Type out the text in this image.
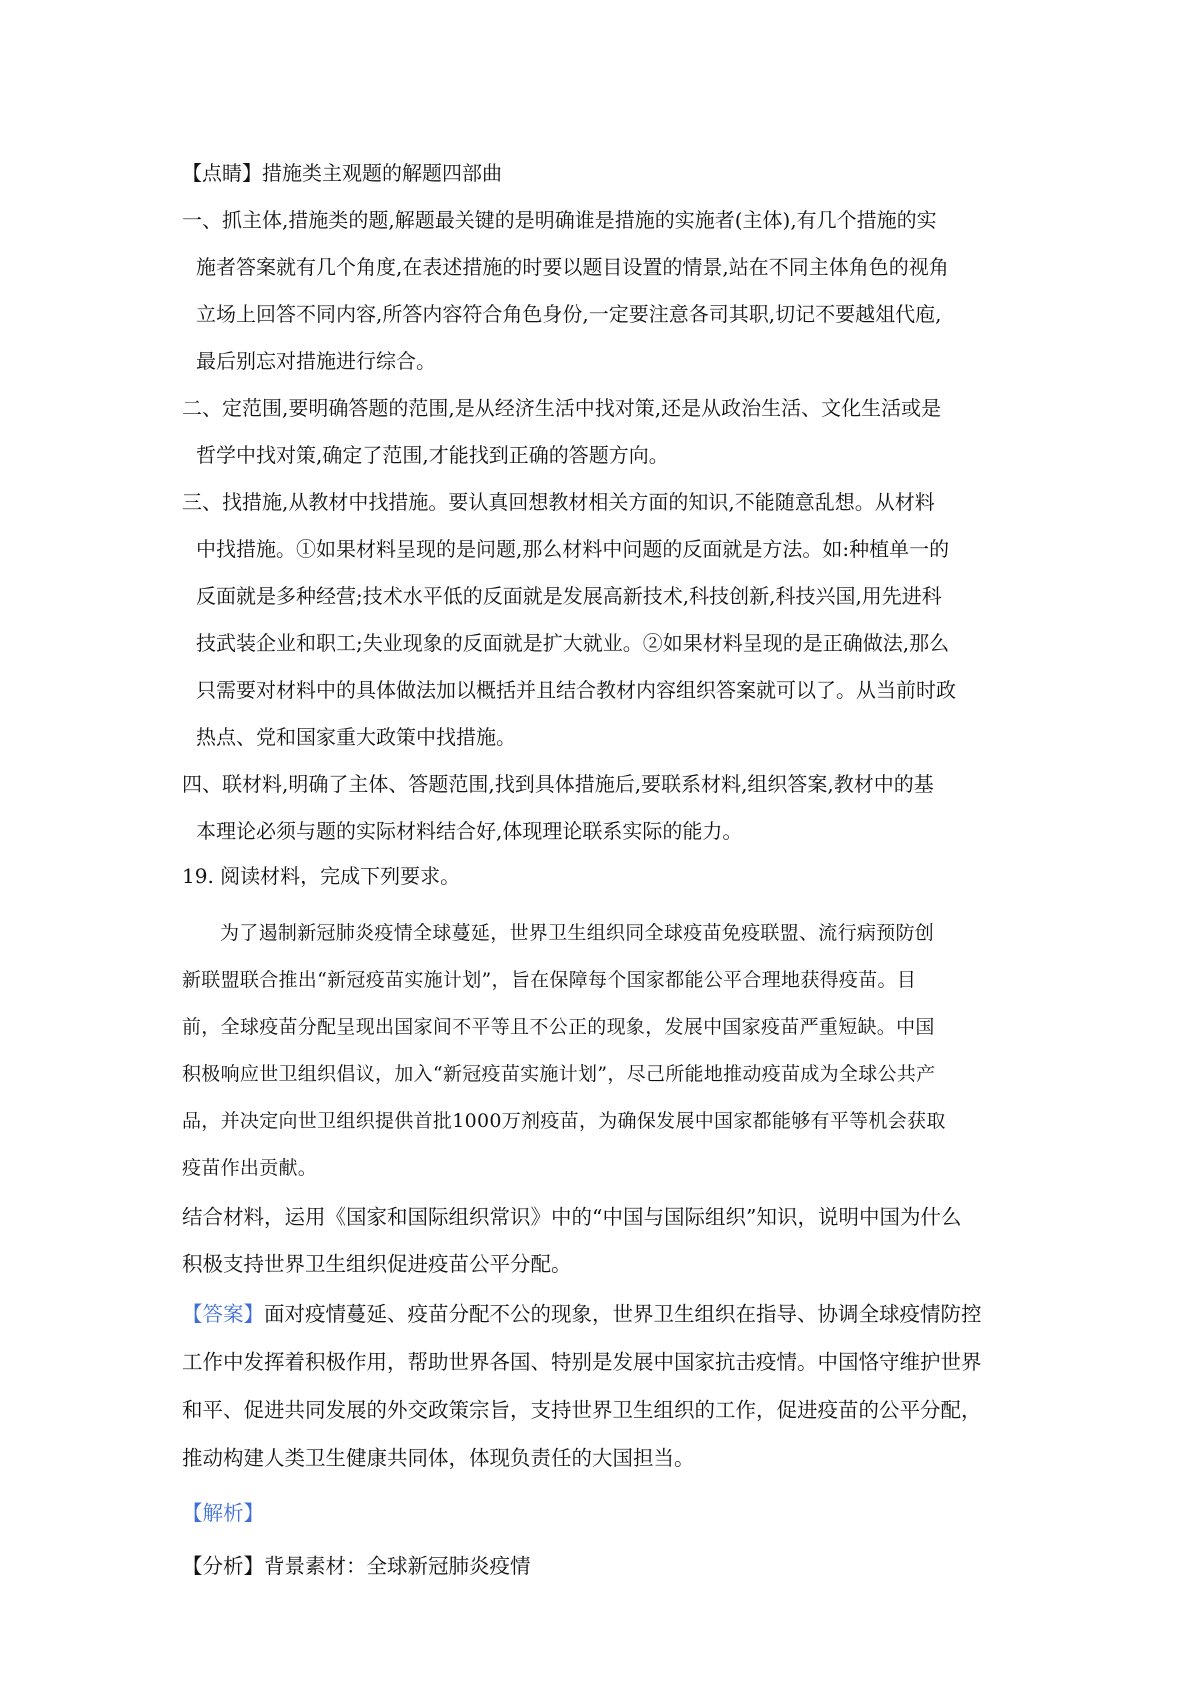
【点睛】措施类主观题的解题四部曲
一、抓主体,措施类的题,解题最关键的是明确谁是措施的实施者(主体),有几个措施的实
施者答案就有几个角度,在表述措施的时要以题目设置的情景,站在不同主体角色的视角
立场上回答不同内容,所答内容符合角色身份,一定要注意各司其职,切记不要越俎代庖,
最后别忘对措施进行综合。
二、定范围,要明确答题的范围,是从经济生活中找对策,还是从政治生活、文化生活或是
哲学中找对策,确定了范围,才能找到正确的答题方向。
三、找措施,从教材中找措施。要认真回想教材相关方面的知识,不能随意乱想。从材料
中找措施。①如果材料呈现的是问题,那么材料中问题的反面就是方法。如:种植单一的
反面就是多种经营;技术水平低的反面就是发展高新技术,科技创新,科技兴国,用先进科
技武装企业和职工;失业现象的反面就是扩大就业。②如果材料呈现的是正确做法,那么
只需要对材料中的具体做法加以概括并且结合教材内容组织答案就可以了。从当前时政
热点、党和国家重大政策中找措施。
四、联材料,明确了主体、答题范围,找到具体措施后,要联系材料,组织答案,教材中的基
本理论必须与题的实际材料结合好,体现理论联系实际的能力。
19. 阅读材料，完成下列要求。
为了遏制新冠肺炎疫情全球蔓延，世界卫生组织同全球疫苗免疫联盟、流行病预防创
新联盟联合推出“新冠疫苗实施计划”，旨在保障每个国家都能公平合理地获得疫苗。目
前，全球疫苗分配呈现出国家间不平等且不公正的现象，发展中国家疫苗严重短缺。中国
积极响应世卫组织倡议，加入“新冠疫苗实施计划”，尽己所能地推动疫苗成为全球公共产
品，并决定向世卫组织提供首批1000万剂疫苗，为确保发展中国家都能够有平等机会获取
疫苗作出贡献。
结合材料，运用《国家和国际组织常识》中的“中国与国际组织”知识，说明中国为什么
积极支持世界卫生组织促进疫苗公平分配。
【答案】面对疫情蔓延、疫苗分配不公的现象，世界卫生组织在指导、协调全球疫情防控
工作中发挥着积极作用，帮助世界各国、特别是发展中国家抗击疫情。中国恪守维护世界
和平、促进共同发展的外交政策宗旨，支持世界卫生组织的工作，促进疫苗的公平分配，
推动构建人类卫生健康共同体，体现负责任的大国担当。
【解析】
【分析】背景素材：全球新冠肺炎疫情
